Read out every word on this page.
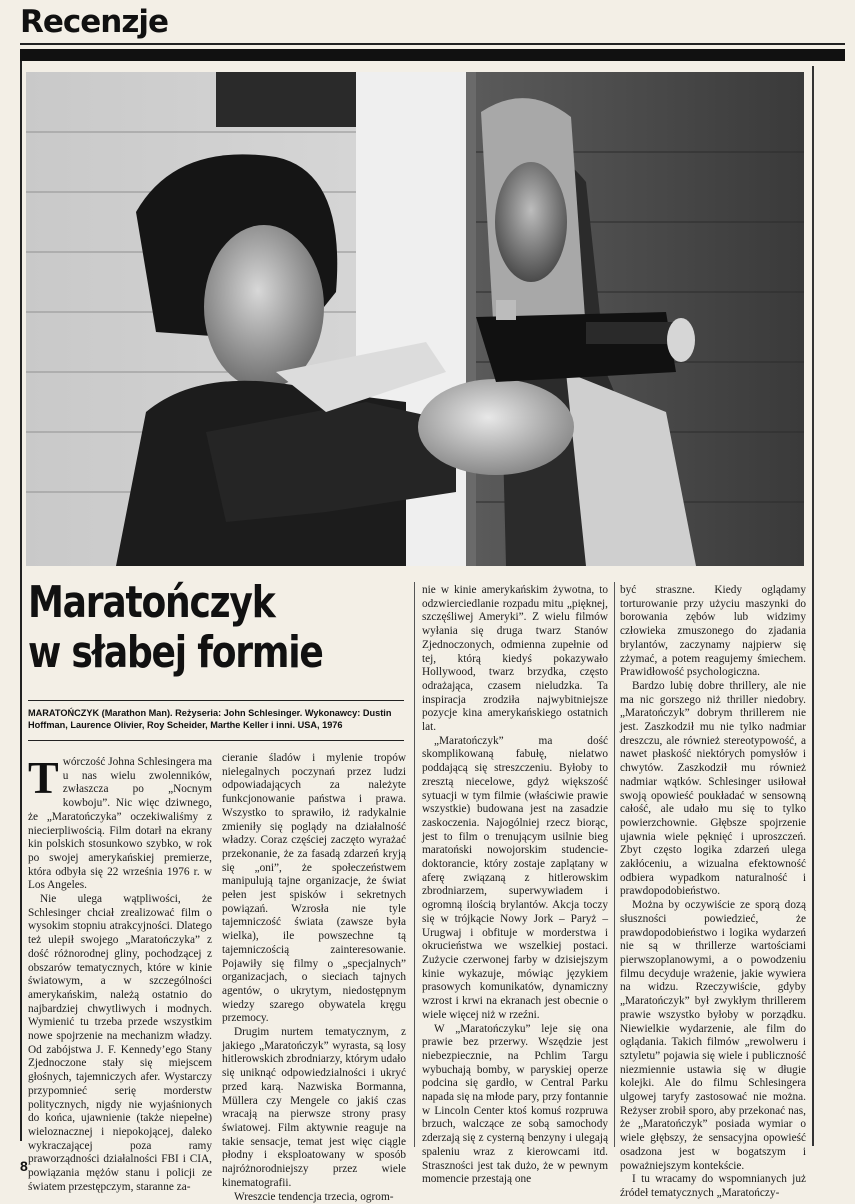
Recenzje
Maratończyk
w słabej formie
MARATOŃCZYK (Marathon Man). Reżyseria: John Schlesinger. Wykonawcy: Dustin Hoffman, Laurence Olivier, Roy Scheider, Marthe Keller i inni. USA, 1976

Twórczość Johna Schlesingera ma u nas wielu zwolenników, zwłaszcza po „Nocnym kowboju”. Nic więc dziwnego, że „Maratończyka” oczekiwaliśmy z niecierpliwością. Film dotarł na ekrany kin polskich stosunkowo szybko, w rok po swojej amerykańskiej premierze, która odbyła się 22 września 1976 r. w Los Angeles.

Nie ulega wątpliwości, że Schlesinger chciał zrealizować film o wysokim stopniu atrakcyjności. Dlatego też ulepił swojego „Maratończyka” z dość różnorodnej gliny, pochodzącej z obszarów tematycznych, które w kinie światowym, a w szczególności amerykańskim, należą ostatnio do najbardziej chwytliwych i modnych. Wymienić tu trzeba przede wszystkim nowe spojrzenie na mechanizm władzy. Od zabójstwa J. F. Kennedy’ego Stany Zjednoczone stały się miejscem głośnych, tajemniczych afer. Wystarczy przypomnieć serię morderstw politycznych, nigdy nie wyjaśnionych do końca, ujawnienie (także niepełne) wieloznacznej i niepokojącej, daleko wykraczającej poza ramy praworządności działalności FBI i CIA, powiązania mężów stanu i policji ze światem przestępczym, staranne za-

cieranie śladów i mylenie tropów nielegalnych poczynań przez ludzi odpowiadających za należyte funkcjonowanie państwa i prawa. Wszystko to sprawiło, iż radykalnie zmieniły się poglądy na działalność władzy. Coraz częściej zaczęto wyrażać przekonanie, że za fasadą zdarzeń kryją się „oni”, że społeczeństwem manipulują tajne organizacje, że świat pełen jest spisków i sekretnych powiązań. Wzrosła nie tyle tajemniczość świata (zawsze była wielka), ile powszechne tą tajemniczością zainteresowanie. Pojawiły się filmy o „specjalnych” organizacjach, o sieciach tajnych agentów, o ukrytym, niedostępnym wiedzy szarego obywatela kręgu przemocy.

Drugim nurtem tematycznym, z jakiego „Maratończyk” wyrasta, są losy hitlerowskich zbrodniarzy, którym udało się uniknąć odpowiedzialności i ukryć przed karą. Nazwiska Bormanna, Müllera czy Mengele co jakiś czas wracają na pierwsze strony prasy światowej. Film aktywnie reaguje na takie sensacje, temat jest więc ciągle płodny i eksploatowany w sposób najróżnorodniejszy przez wiele kinematografii.

Wreszcie tendencja trzecia, ogrom-

nie w kinie amerykańskim żywotna, to odzwierciedlanie rozpadu mitu „pięknej, szczęśliwej Ameryki”. Z wielu filmów wyłania się druga twarz Stanów Zjednoczonych, odmienna zupełnie od tej, którą kiedyś pokazywało Hollywood, twarz brzydka, często odrażająca, czasem nieludzka. Ta inspiracja zrodziła najwybitniejsze pozycje kina amerykańskiego ostatnich lat.

„Maratończyk” ma dość skomplikowaną fabułę, nielatwo poddającą się streszczeniu. Byłoby to zresztą niecelowe, gdyż większość sytuacji w tym filmie (właściwie prawie wszystkie) budowana jest na zasadzie zaskoczenia. Najogólniej rzecz biorąc, jest to film o trenującym usilnie bieg maratoński nowojorskim studencie-doktorancie, który zostaje zaplątany w aferę związaną z hitlerowskim zbrodniarzem, superwywiadem i ogromną ilością brylantów. Akcja toczy się w trójkącie Nowy Jork – Paryż – Urugwaj i obfituje w morderstwa i okrucieństwa we wszelkiej postaci. Zużycie czerwonej farby w dzisiejszym kinie wykazuje, mówiąc językiem prasowych komunikatów, dynamiczny wzrost i krwi na ekranach jest obecnie o wiele więcej niż w rzeźni.

W „Maratończyku” leje się ona prawie bez przerwy. Wszędzie jest niebezpiecznie, na Pchlim Targu wybuchają bomby, w paryskiej operze podcina się gardło, w Central Parku napada się na młode pary, przy fontannie w Lincoln Center ktoś komuś rozpruwa brzuch, walczące ze sobą samochody zderzają się z cysterną benzyny i ulegają spaleniu wraz z kierowcami itd. Straszności jest tak dużo, że w pewnym momencie przestają one

być straszne. Kiedy oglądamy torturowanie przy użyciu maszynki do borowania zębów lub widzimy człowieka zmuszonego do zjadania brylantów, zaczynamy najpierw się zżymać, a potem reagujemy śmiechem. Prawidłowość psychologiczna.

Bardzo lubię dobre thrillery, ale nie ma nic gorszego niż thriller niedobry. „Maratończyk” dobrym thrillerem nie jest. Zaszkodził mu nie tylko nadmiar dreszczu, ale również stereotypowość, a nawet płaskość niektórych pomysłów i chwytów. Zaszkodził mu również nadmiar wątków. Schlesinger usiłował swoją opowieść poukładać w sensowną całość, ale udało mu się to tylko powierzchownie. Głębsze spojrzenie ujawnia wiele pęknięć i uproszczeń. Zbyt często logika zdarzeń ulega zakłóceniu, a wizualna efektowność odbiera wypadkom naturalność i prawdopodobieństwo.

Można by oczywiście ze sporą dozą słuszności powiedzieć, że prawdopodobieństwo i logika wydarzeń nie są w thrillerze wartościami pierwszoplanowymi, a o powodzeniu filmu decyduje wrażenie, jakie wywiera na widzu. Rzeczywiście, gdyby „Maratończyk” był zwykłym thrillerem prawie wszystko byłoby w porządku. Niewielkie wydarzenie, ale film do oglądania. Takich filmów „rewolweru i sztyletu” pojawia się wiele i publiczność niezmiennie ustawia się w długie kolejki. Ale do filmu Schlesingera ulgowej taryfy zastosować nie można. Reżyser zrobił sporo, aby przekonać nas, że „Maratończyk” posiada wymiar o wiele głębszy, że sensacyjna opowieść osadzona jest w bogatszym i poważniejszym kontekście.

I tu wracamy do wspomnianych już źródeł tematycznych „Maratończy-

8
